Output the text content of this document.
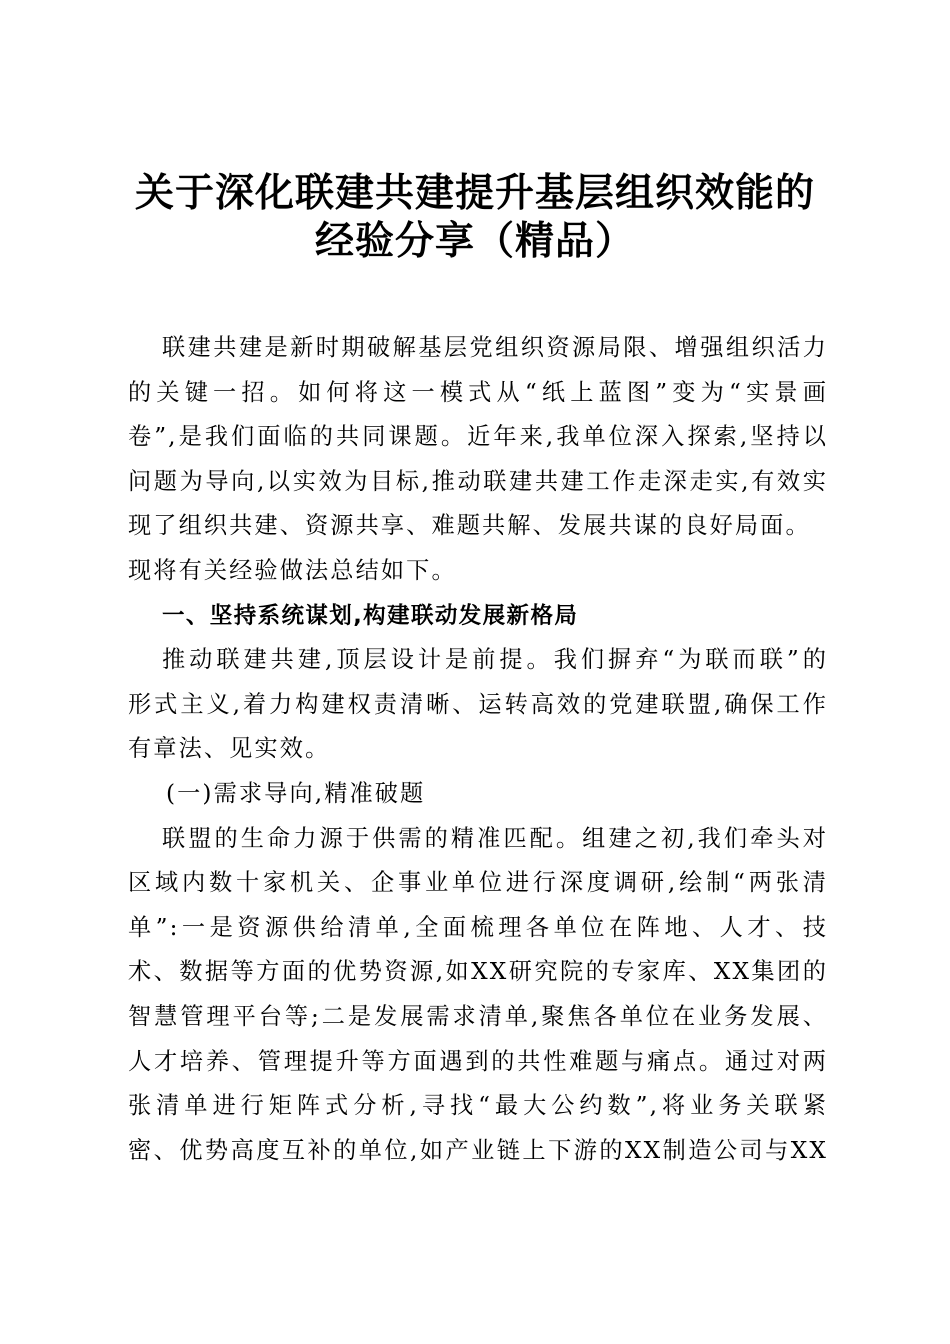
关于深化联建共建提升基层组织效能的
经验分享（精品）
联建共建是新时期破解基层党组织资源局限、增强组织活力
的关键一招。如何将这一模式从“纸上蓝图”变为“实景画
卷”,是我们面临的共同课题。近年来,我单位深入探索,坚持以
问题为导向,以实效为目标,推动联建共建工作走深走实,有效实
现了组织共建、资源共享、难题共解、发展共谋的良好局面。
现将有关经验做法总结如下。
一、坚持系统谋划,构建联动发展新格局
推动联建共建,顶层设计是前提。我们摒弃“为联而联”的
形式主义,着力构建权责清晰、运转高效的党建联盟,确保工作
有章法、见实效。
(一)需求导向,精准破题
联盟的生命力源于供需的精准匹配。组建之初,我们牵头对
区域内数十家机关、企事业单位进行深度调研,绘制“两张清
单”:一是资源供给清单,全面梳理各单位在阵地、人才、技
术、数据等方面的优势资源,如XX研究院的专家库、XX集团的
智慧管理平台等;二是发展需求清单,聚焦各单位在业务发展、
人才培养、管理提升等方面遇到的共性难题与痛点。通过对两
张清单进行矩阵式分析,寻找“最大公约数”,将业务关联紧
密、优势高度互补的单位,如产业链上下游的XX制造公司与XX
